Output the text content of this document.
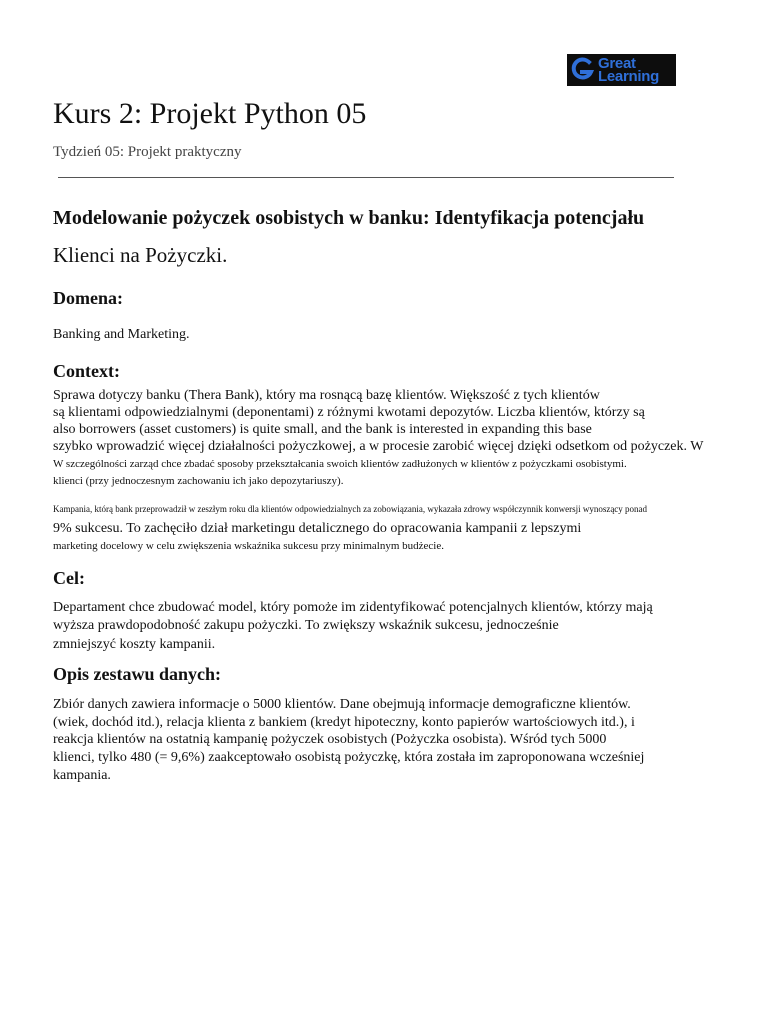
Great
Learning
Kurs 2: Projekt Python 05

Tydzień 05: Projekt praktyczny

Modelowanie pożyczek osobistych w banku: Identyfikacja potencjału
Klienci na Pożyczki.
Domena:

Banking and Marketing.

Context:

Sprawa dotyczy banku (Thera Bank), który ma rosnącą bazę klientów. Większość z tych klientów

są klientami odpowiedzialnymi (deponentami) z różnymi kwotami depozytów. Liczba klientów, którzy są

also borrowers (asset customers) is quite small, and the bank is interested in expanding this base

szybko wprowadzić więcej działalności pożyczkowej, a w procesie zarobić więcej dzięki odsetkom od pożyczek. W

W szczególności zarząd chce zbadać sposoby przekształcania swoich klientów zadłużonych w klientów z pożyczkami osobistymi.

klienci (przy jednoczesnym zachowaniu ich jako depozytariuszy).

Kampania, którą bank przeprowadził w zeszłym roku dla klientów odpowiedzialnych za zobowiązania, wykazała zdrowy współczynnik konwersji wynoszący ponad

9% sukcesu. To zachęciło dział marketingu detalicznego do opracowania kampanii z lepszymi

marketing docelowy w celu zwiększenia wskaźnika sukcesu przy minimalnym budżecie.

Cel:

Departament chce zbudować model, który pomoże im zidentyfikować potencjalnych klientów, którzy mają

wyższa prawdopodobność zakupu pożyczki. To zwiększy wskaźnik sukcesu, jednocześnie

zmniejszyć koszty kampanii.

Opis zestawu danych:

Zbiór danych zawiera informacje o 5000 klientów. Dane obejmują informacje demograficzne klientów.

(wiek, dochód itd.), relacja klienta z bankiem (kredyt hipoteczny, konto papierów wartościowych itd.), i

reakcja klientów na ostatnią kampanię pożyczek osobistych (Pożyczka osobista). Wśród tych 5000

klienci, tylko 480 (= 9,6%) zaakceptowało osobistą pożyczkę, która została im zaproponowana wcześniej

kampania.
